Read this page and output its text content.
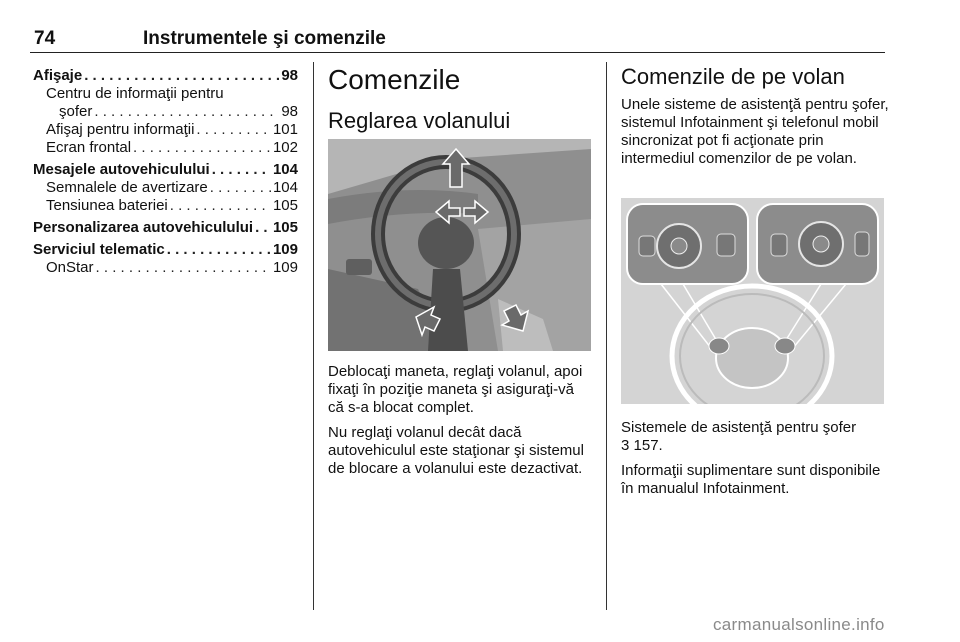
74	Instrumentele şi comenzile
Afişaje . . .	98
Centru de informaţii pentru
şofer . . .	98
Afişaj pentru informaţii . . .	101
Ecran frontal . . .	102
Mesajele autovehiculului . . .	104
Semnalele de avertizare . . .	104
Tensiunea bateriei . . .	105
Personalizarea autovehiculului . . . 105
Serviciul telematic . . .	109
OnStar . . .	109
Comenzile
Reglarea volanului

Deblocaţi maneta, reglaţi volanul, apoi fixaţi în poziţie maneta şi asiguraţi-vă că s-a blocat complet.

Nu reglaţi volanul decât dacă autovehiculul este staţionar şi sistemul de blocare a volanului este dezactivat.

Comenzile de pe volan

Unele sisteme de asistenţă pentru şofer, sistemul Infotainment şi telefonul mobil sincronizat pot fi acţionate prin intermediul comenzilor de pe volan.

Sistemele de asistenţă pentru şofer
3 157.

Informaţii suplimentare sunt disponibile în manualul Infotainment.

carmanualsonline.info
